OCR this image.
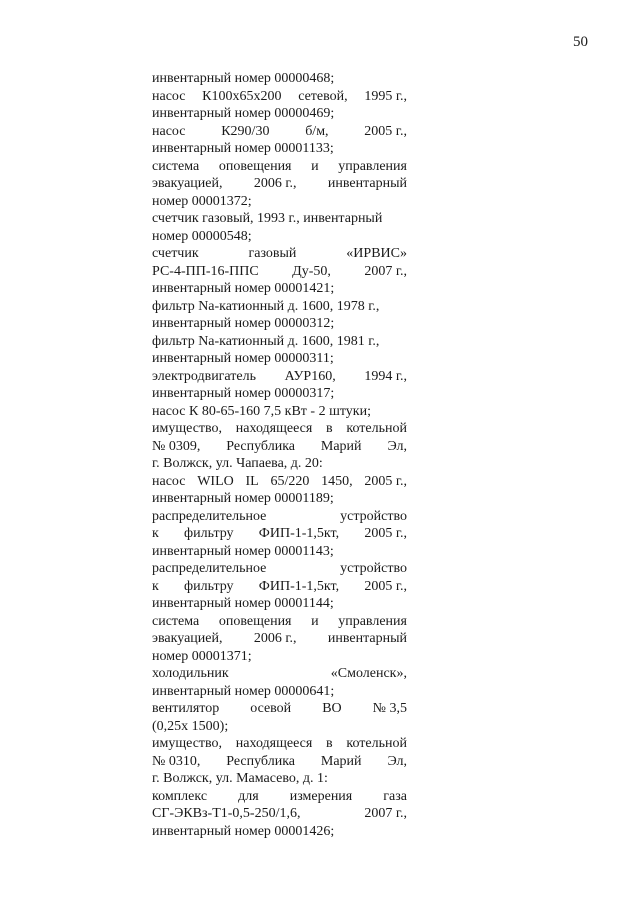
50
инвентарный номер 00000468;
насос К100х65х200 сетевой, 1995 г.,
инвентарный номер 00000469;
насос	К290/30	б/м,	2005 г.,
инвентарный номер 00001133;
система оповещения и управления
эвакуацией, 2006 г., инвентарный
номер 00001372;
счетчик газовый, 1993 г., инвентарный
номер 00000548;
счетчик	газовый	«ИРВИС»
РС-4-ПП-16-ППС Ду-50, 2007 г.,
инвентарный номер 00001421;
фильтр Na-катионный д. 1600, 1978 г.,
инвентарный номер 00000312;
фильтр Na-катионный д. 1600, 1981 г.,
инвентарный номер 00000311;
электродвигатель АУР160, 1994 г.,
инвентарный номер 00000317;
насос К 80-65-160 7,5 кВт - 2 штуки;
имущество, находящееся в котельной
№ 0309, Республика Марий Эл,
г. Волжск, ул. Чапаева, д. 20:
насос WILO IL 65/220 1450, 2005 г.,
инвентарный номер 00001189;
распределительное	устройство
к фильтру ФИП-1-1,5кт, 2005 г.,
инвентарный номер 00001143;
распределительное	устройство
к фильтру ФИП-1-1,5кт, 2005 г.,
инвентарный номер 00001144;
система оповещения и управления
эвакуацией, 2006 г., инвентарный
номер 00001371;
холодильник	«Смоленск»,
инвентарный номер 00000641;
вентилятор осевой ВО № 3,5
(0,25х 1500);
имущество, находящееся в котельной
№ 0310, Республика Марий Эл,
г. Волжск, ул. Мамасево, д. 1:
комплекс для измерения газа
СГ-ЭКВз-Т1-0,5-250/1,6,	2007 г.,
инвентарный номер 00001426;
